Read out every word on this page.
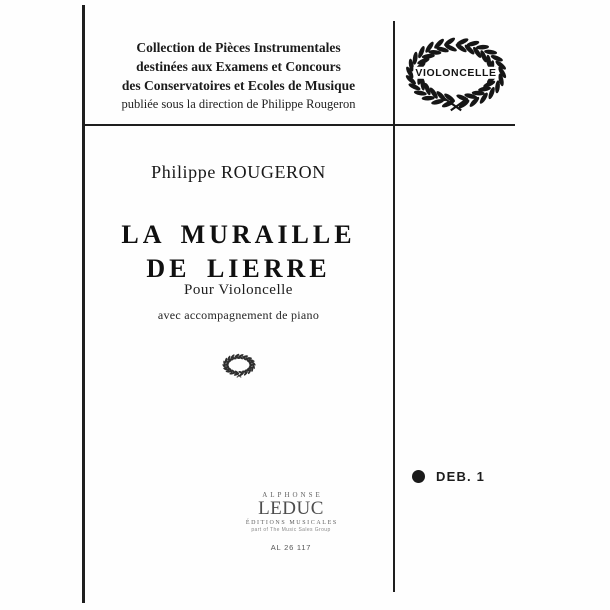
Collection de Pièces Instrumentales
destinées aux Examens et Concours
des Conservatoires et Ecoles de Musique
publiée sous la direction de Philippe Rougeron
VIOLONCELLE
Philippe ROUGERON
LA MURAILLE
DE LIERRE
Pour Violoncelle
avec accompagnement de piano
DEB. 1
ALPHONSE
LEDUC
ÉDITIONS MUSICALES
part of The Music Sales Group
AL 26 117
